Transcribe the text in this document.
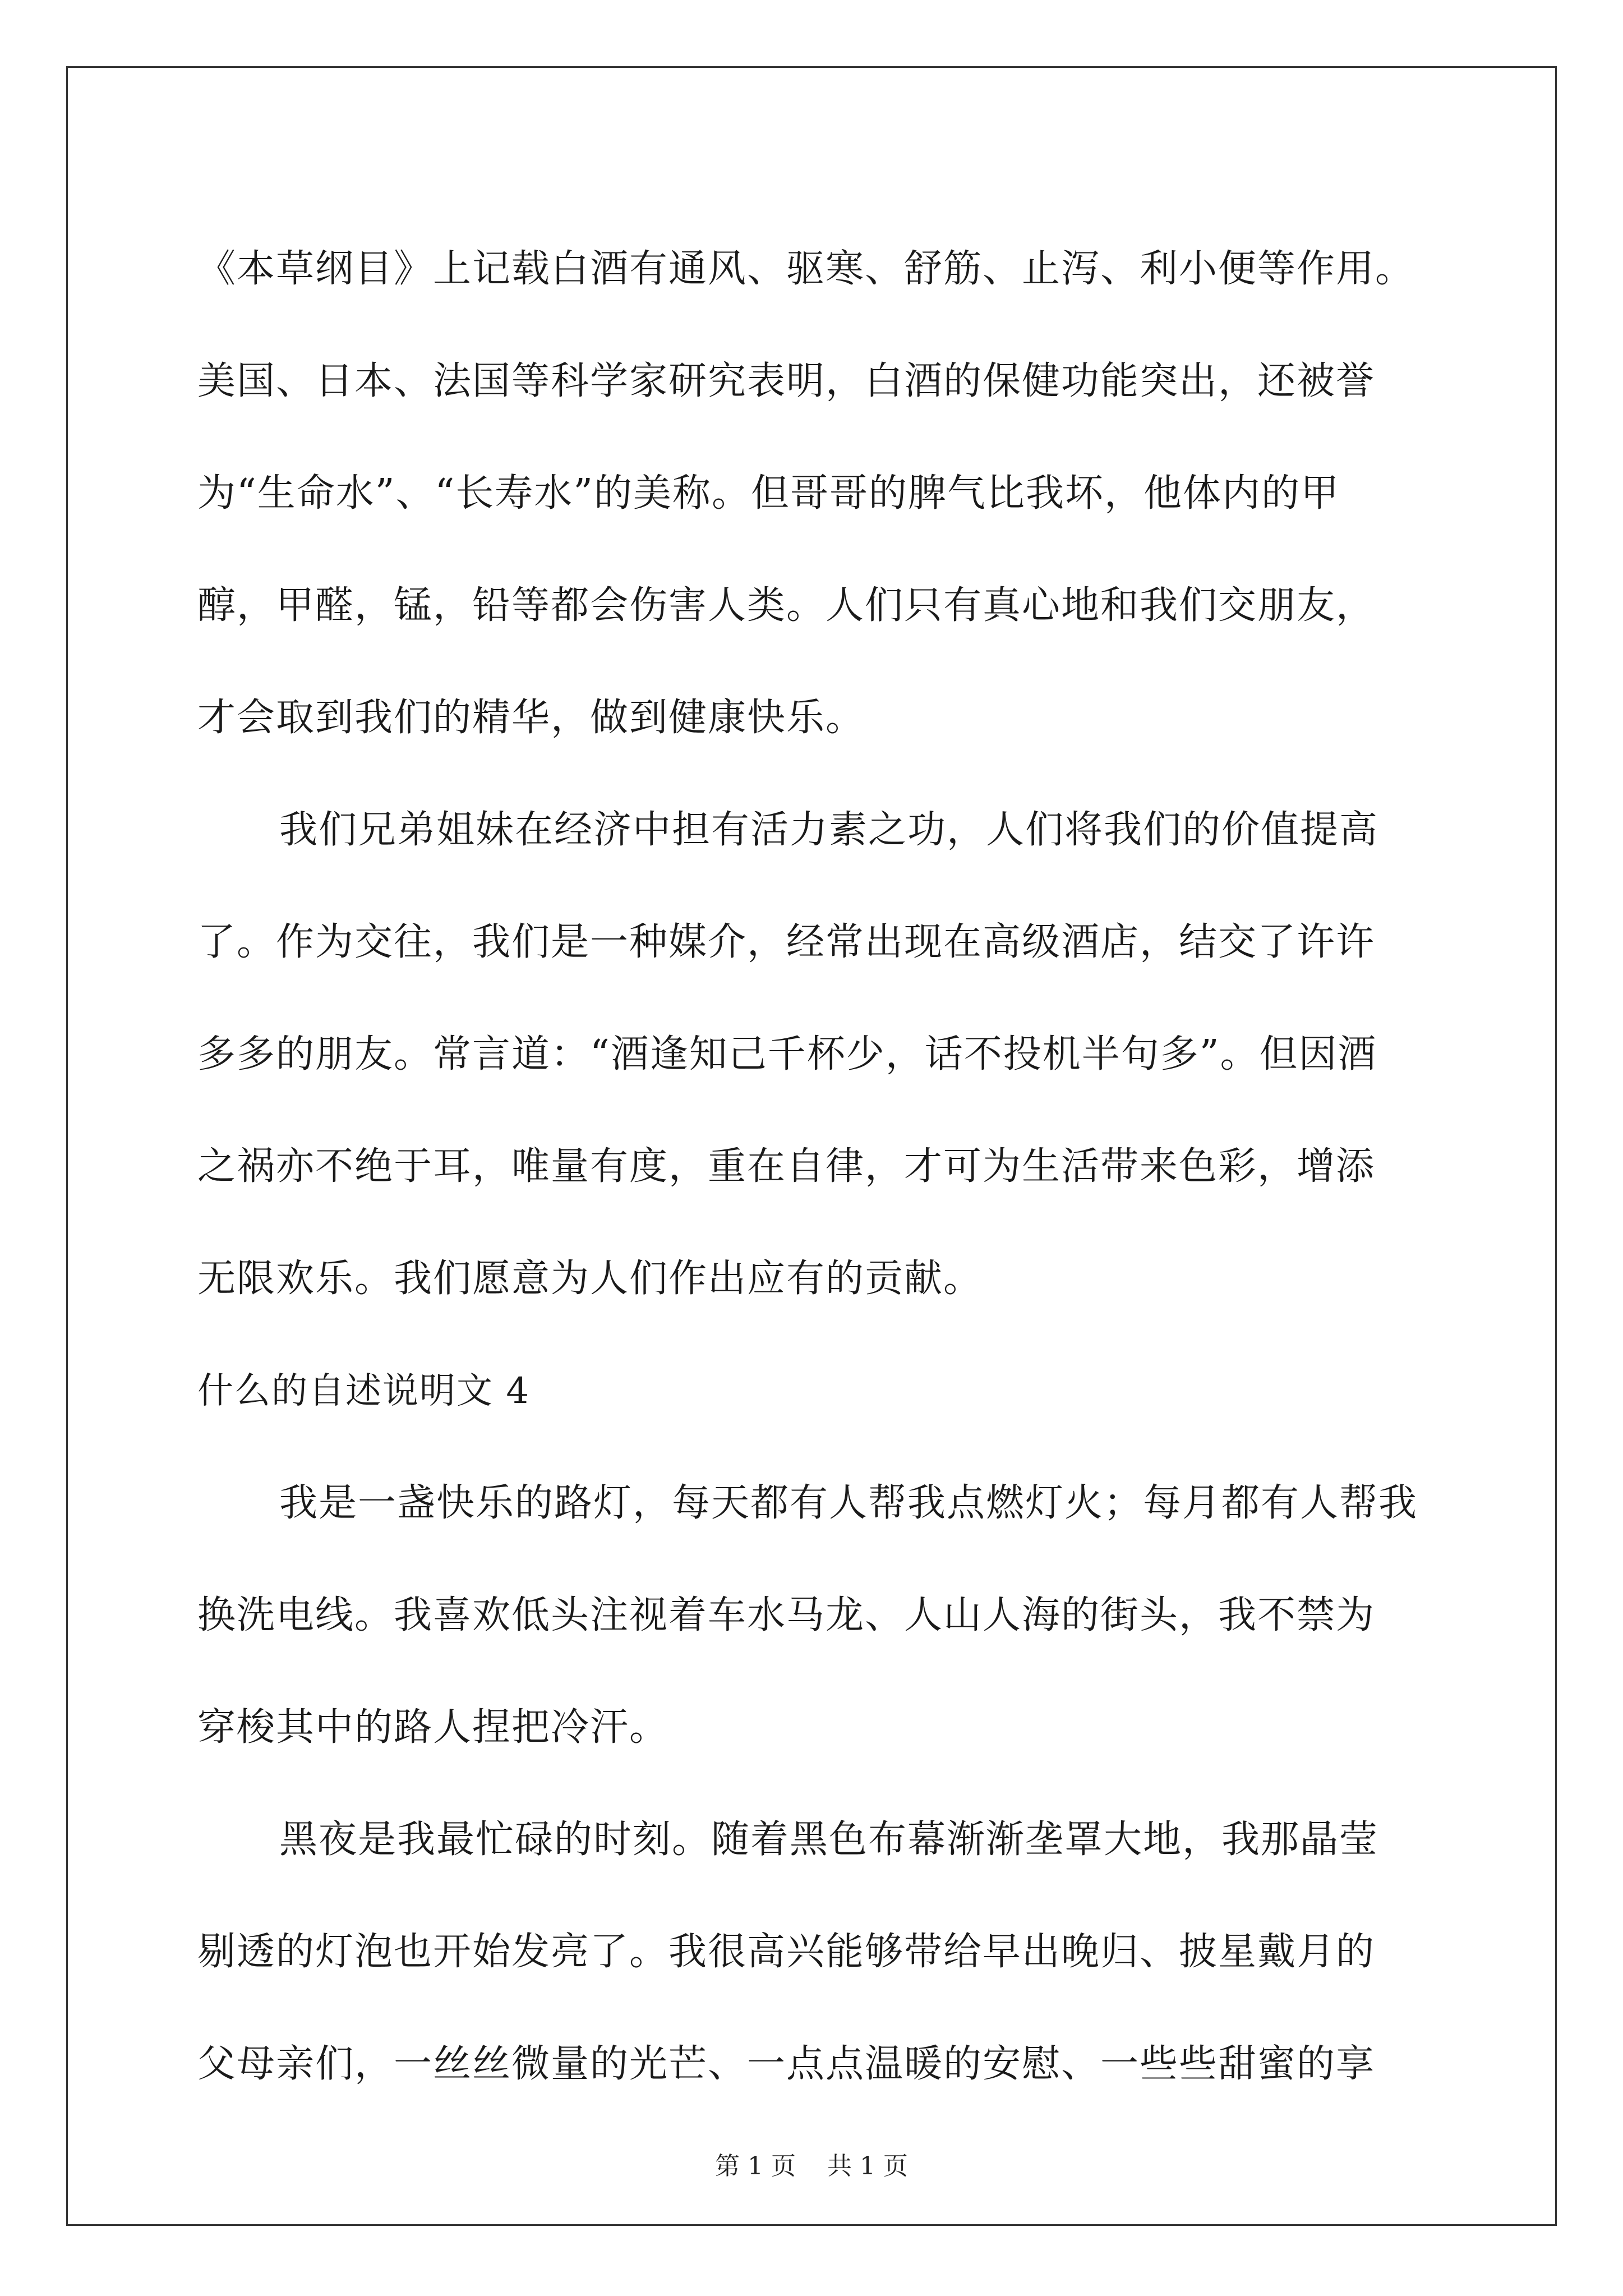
《本草纲目》上记载白酒有通风、驱寒、舒筋、止泻、利小便等作用。
美国、日本、法国等科学家研究表明，白酒的保健功能突出，还被誉
为“生命水”、“长寿水”的美称。但哥哥的脾气比我坏，他体内的甲
醇，甲醛，锰，铅等都会伤害人类。人们只有真心地和我们交朋友，
才会取到我们的精华，做到健康快乐。
我们兄弟姐妹在经济中担有活力素之功，人们将我们的价值提高
了。作为交往，我们是一种媒介，经常出现在高级酒店，结交了许许
多多的朋友。常言道：“酒逢知己千杯少，话不投机半句多”。但因酒
之祸亦不绝于耳，唯量有度，重在自律，才可为生活带来色彩，增添
无限欢乐。我们愿意为人们作出应有的贡献。
什么的自述说明文 4
我是一盏快乐的路灯，每天都有人帮我点燃灯火；每月都有人帮我
换洗电线。我喜欢低头注视着车水马龙、人山人海的街头，我不禁为
穿梭其中的路人捏把冷汗。
黑夜是我最忙碌的时刻。随着黑色布幕渐渐垄罩大地，我那晶莹
剔透的灯泡也开始发亮了。我很高兴能够带给早出晚归、披星戴月的
父母亲们，一丝丝微量的光芒、一点点温暖的安慰、一些些甜蜜的享
第 1 页    共 1 页
